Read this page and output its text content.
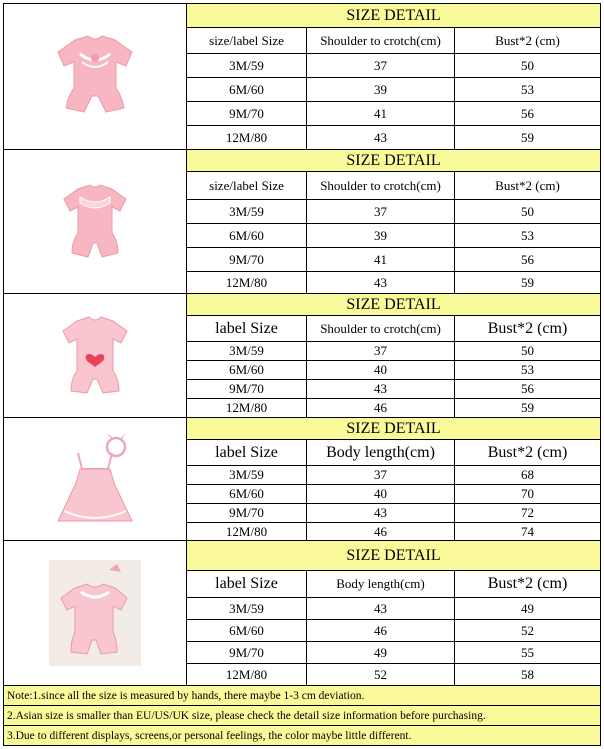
	SIZE DETAIL		
	size/label Size	Shoulder to crotch(cm)	Bust*2 (cm)
	3M/59	37	50
	6M/60	39	53
	9M/70	41	56
	12M/80	43	59

	SIZE DETAIL		
	size/label Size	Shoulder to crotch(cm)	Bust*2 (cm)
	3M/59	37	50
	6M/60	39	53
	9M/70	41	56
	12M/80	43	59

	SIZE DETAIL		
	label Size	Shoulder to crotch(cm)	Bust*2 (cm)
	3M/59	37	50
	6M/60	40	53
	9M/70	43	56
	12M/80	46	59

	SIZE DETAIL		
	label Size	Body length(cm)	Bust*2 (cm)
	3M/59	37	68
	6M/60	40	70
	9M/70	43	72
	12M/80	46	74

	SIZE DETAIL		
	label Size	Body length(cm)	Bust*2 (cm)
	3M/59	43	49
	6M/60	46	52
	9M/70	49	55
	12M/80	52	58
Note:1.since all the size is measured by hands, there maybe 1-3 cm deviation.			
2.Asian size is smaller than EU/US/UK size, please check the detail size information before purchasing.			
3.Due to different displays, screens,or personal feelings, the color maybe little different.			
